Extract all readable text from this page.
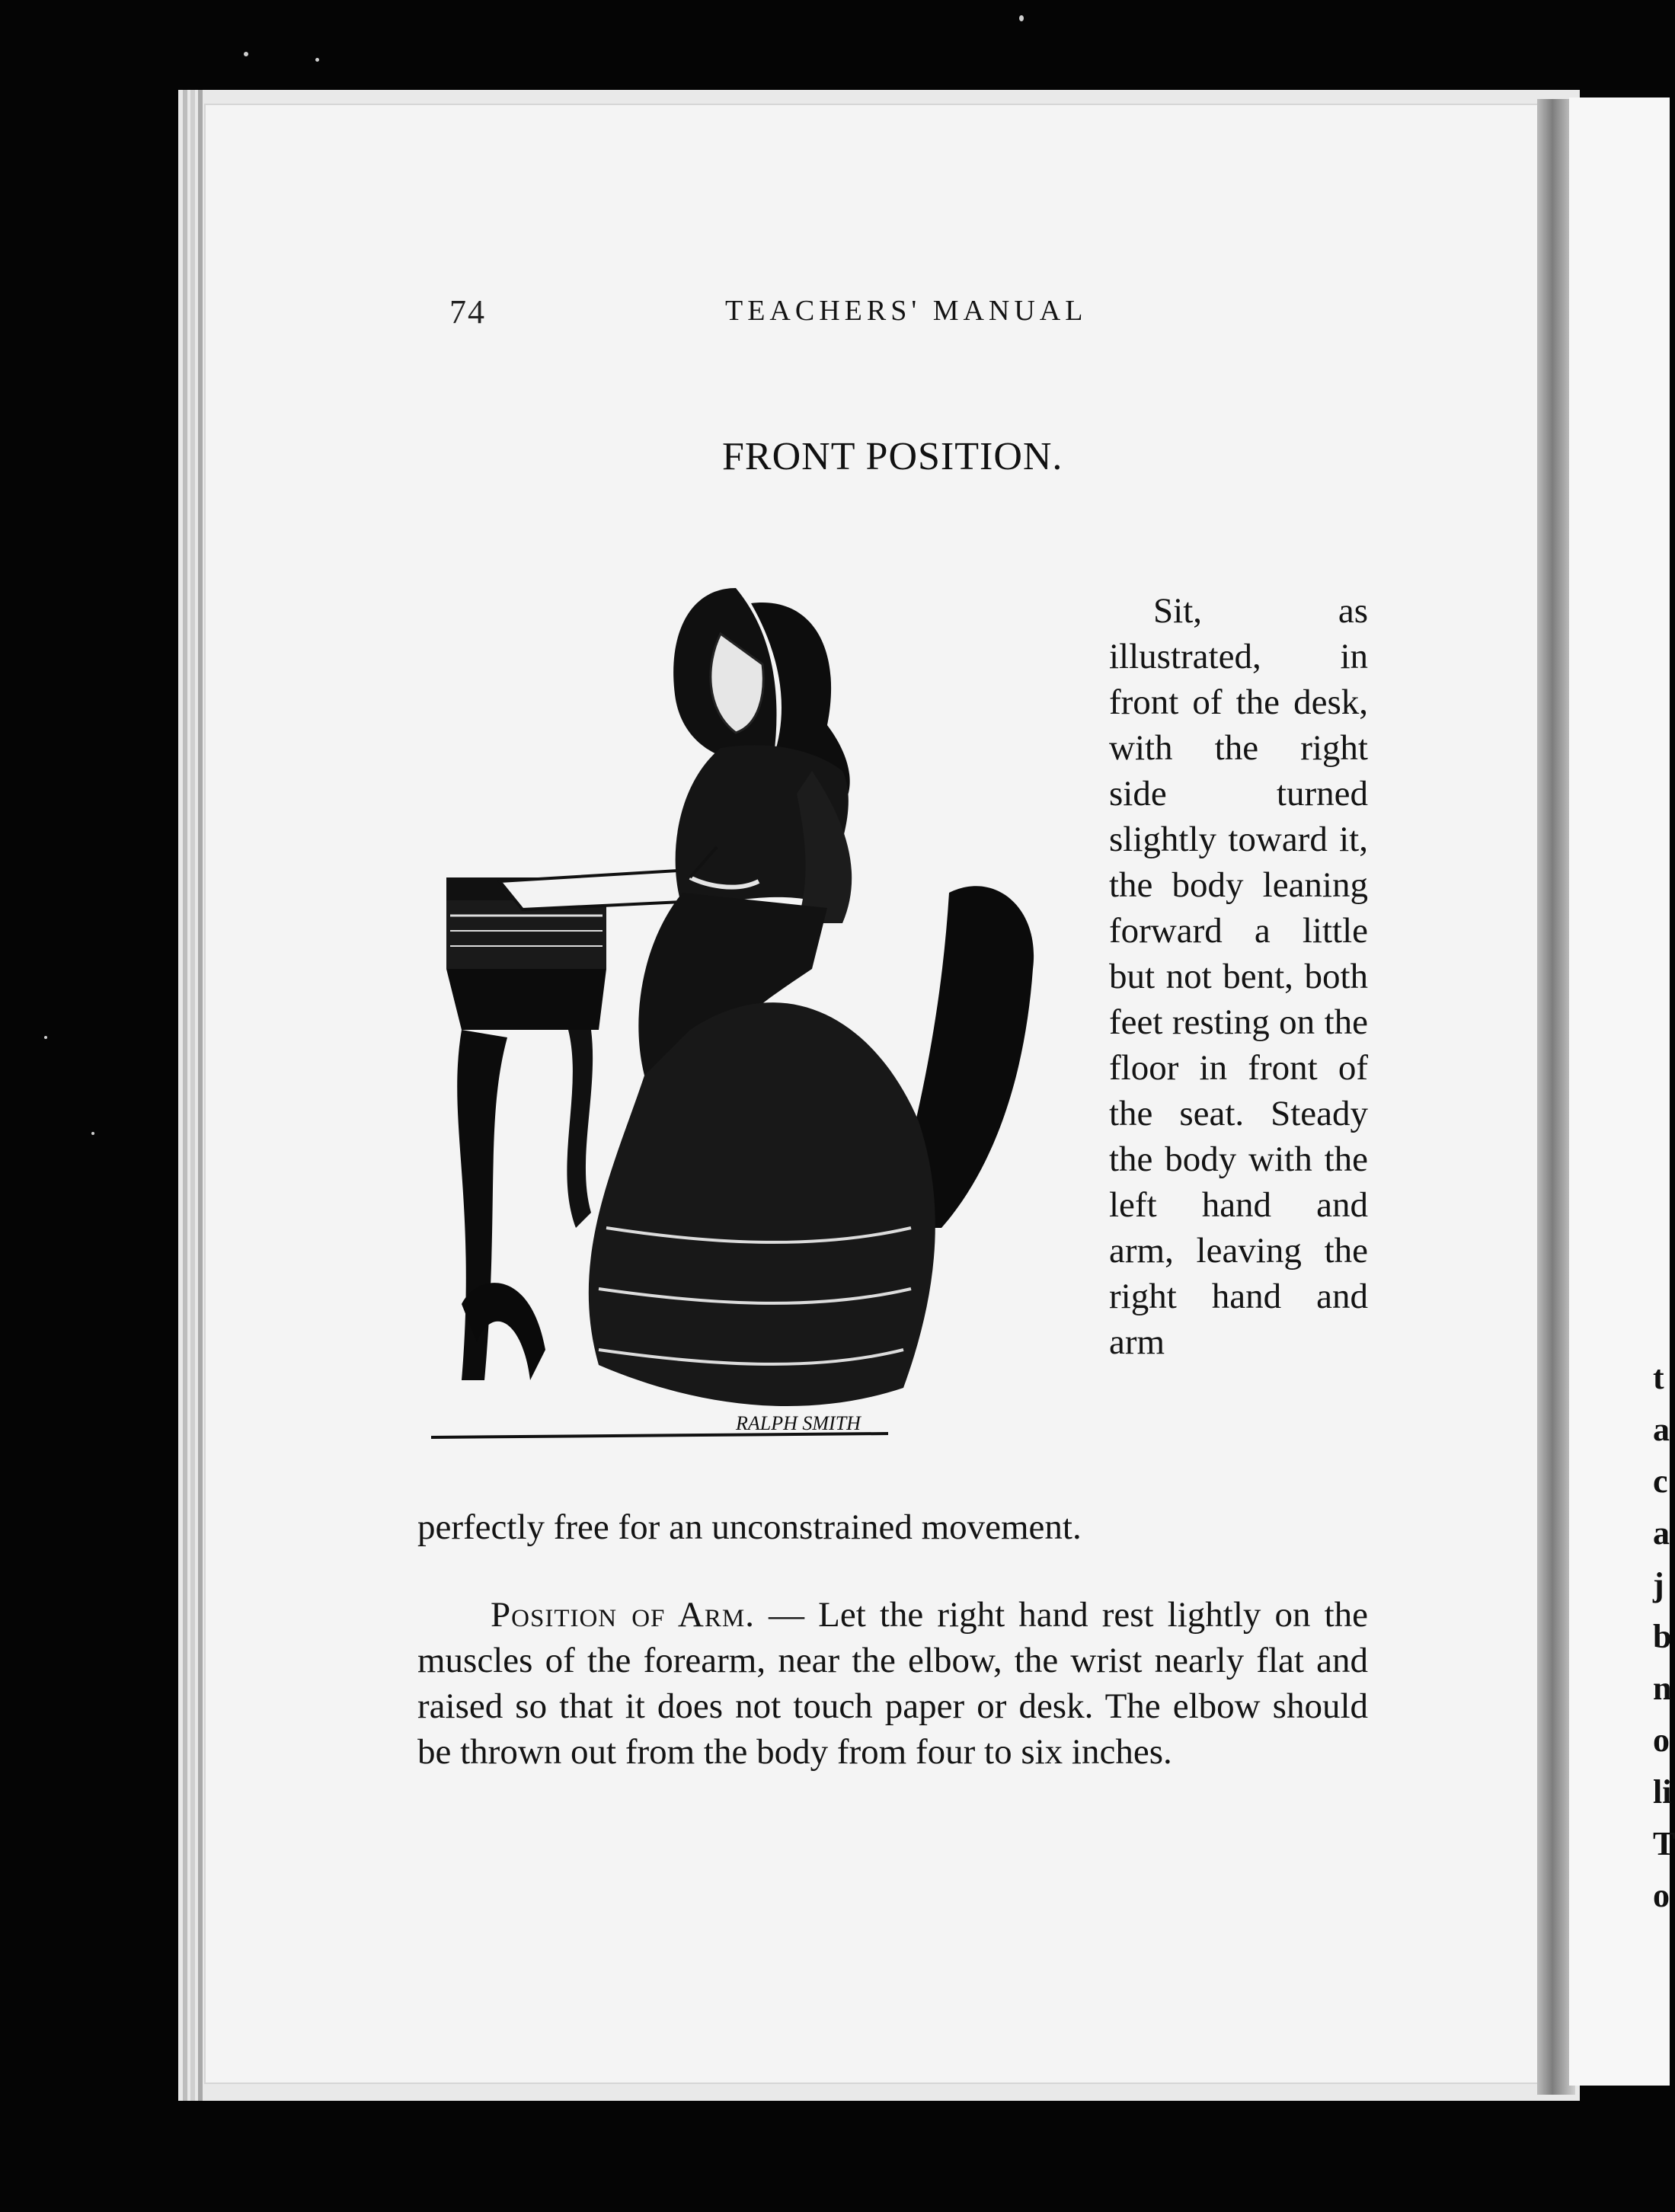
t
a
c
a
j
b
n
o
li
T
o
74	TEACHERS' MANUAL
FRONT POSITION.
RALPH SMITH

Sit, as illustrated, in front of the desk, with the right side turned slightly toward it, the body leaning forward a little but not bent, both feet resting on the floor in front of the seat. Steady the body with the left hand and arm, leaving the right hand and arm

perfectly free for an unconstrained movement.

Position of Arm. — Let the right hand rest lightly on the muscles of the forearm, near the elbow, the wrist nearly flat and raised so that it does not touch paper or desk. The elbow should be thrown out from the body from four to six inches.
